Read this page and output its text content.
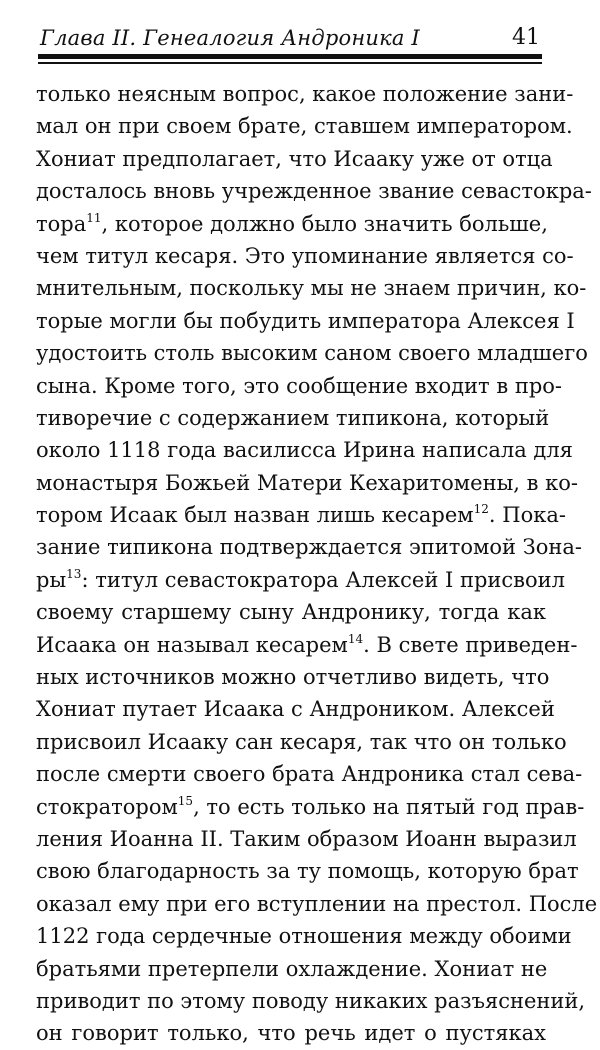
Глава II. Генеалогия Андроника I	41
только неясным вопрос, какое положение зани-
мал он при своем брате, ставшем императором.
Хониат предполагает, что Исааку уже от отца
досталось вновь учрежденное звание севастокра-
тора$^{11}$, которое должно было значить больше,
чем титул кесаря. Это упоминание является со-
мнительным, поскольку мы не знаем причин, ко-
торые могли бы побудить императора Алексея I
удостоить столь высоким саном своего младшего
сына. Кроме того, это сообщение входит в про-
тиворечие с содержанием типикона, который
около 1118 года василисса Ирина написала для
монастыря Божьей Матери Кехаритомены, в ко-
тором Исаак был назван лишь кесарем$^{12}$. Пока-
зание типикона подтверждается эпитомой Зона-
$ры^{13}$: титул севастократора Алексей I присвоил
своему старшему сыну Андронику, тогда как
Исаака он называл кесарем$^{14}$. В свете приведен-
ных источников можно отчетливо видеть, что
Хониат путает Исаака с Андроником. Алексей
присвоил Исааку сан кесаря, так что он только
после смерти своего брата Андроника стал сева-
стократором$^{15}$, то есть только на пятый год прав-
ления Иоанна II. Таким образом Иоанн выразил
свою благодарность за ту помощь, которую брат
оказал ему при его вступлении на престол. После
1122 года сердечные отношения между обоими
братьями претерпели охлаждение. Хониат не
приводит по этому поводу никаких разъяснений,
он говорит только, что речь идет о пустяках
